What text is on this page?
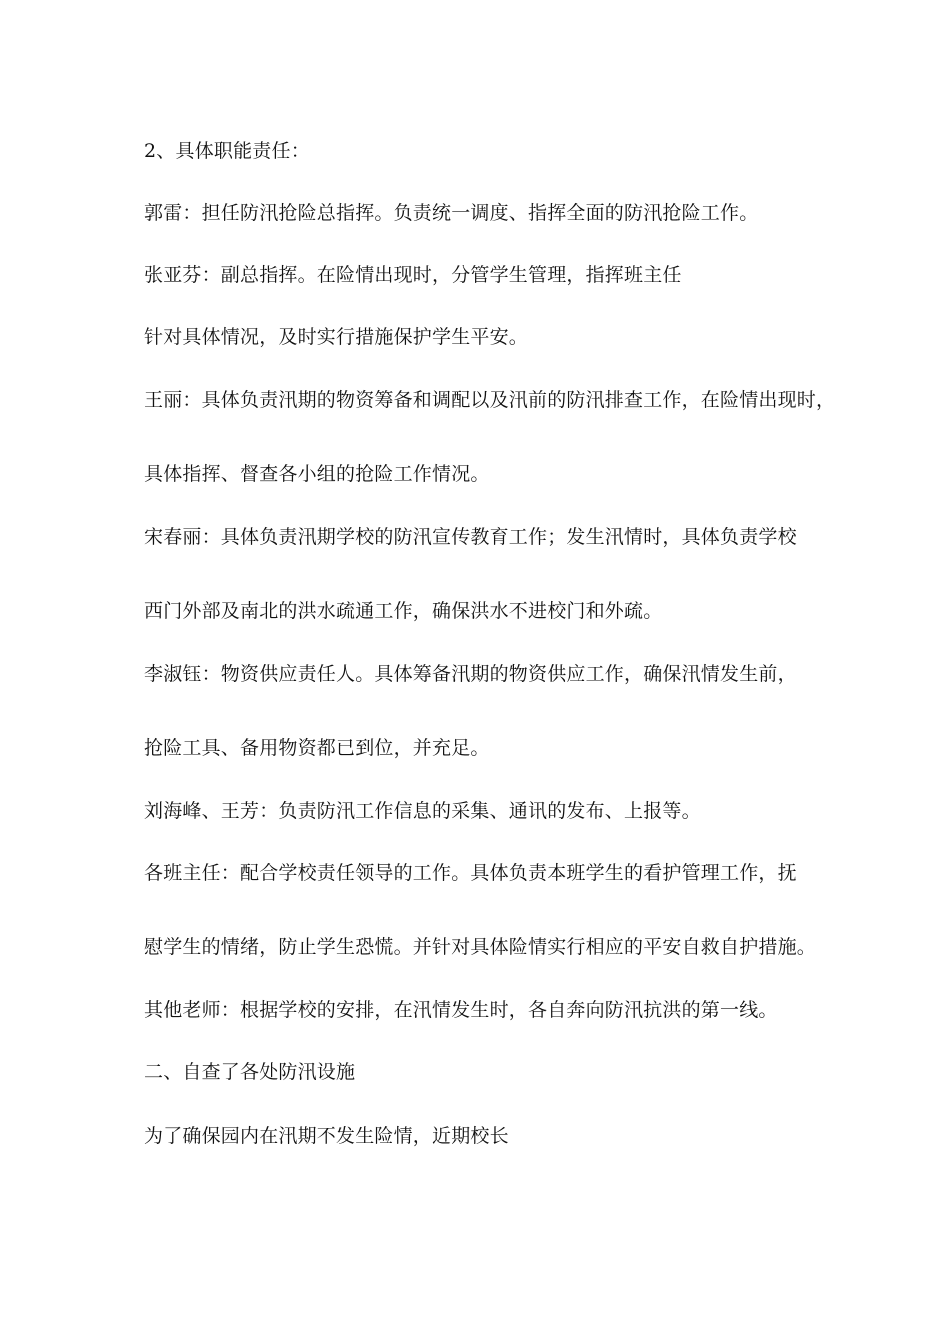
2、具体职能责任：
郭雷：担任防汛抢险总指挥。负责统一调度、指挥全面的防汛抢险工作。
张亚芬：副总指挥。在险情出现时，分管学生管理，指挥班主任
针对具体情况，及时实行措施保护学生平安。
王丽：具体负责汛期的物资筹备和调配以及汛前的防汛排查工作，在险情出现时，
具体指挥、督查各小组的抢险工作情况。
宋春丽：具体负责汛期学校的防汛宣传教育工作；发生汛情时，具体负责学校
西门外部及南北的洪水疏通工作，确保洪水不进校门和外疏。
李淑钰：物资供应责任人。具体筹备汛期的物资供应工作，确保汛情发生前，
抢险工具、备用物资都已到位，并充足。
刘海峰、王芳：负责防汛工作信息的采集、通讯的发布、上报等。
各班主任：配合学校责任领导的工作。具体负责本班学生的看护管理工作，抚
慰学生的情绪，防止学生恐慌。并针对具体险情实行相应的平安自救自护措施。
其他老师：根据学校的安排，在汛情发生时，各自奔向防汛抗洪的第一线。
二、自查了各处防汛设施
为了确保园内在汛期不发生险情，近期校长
